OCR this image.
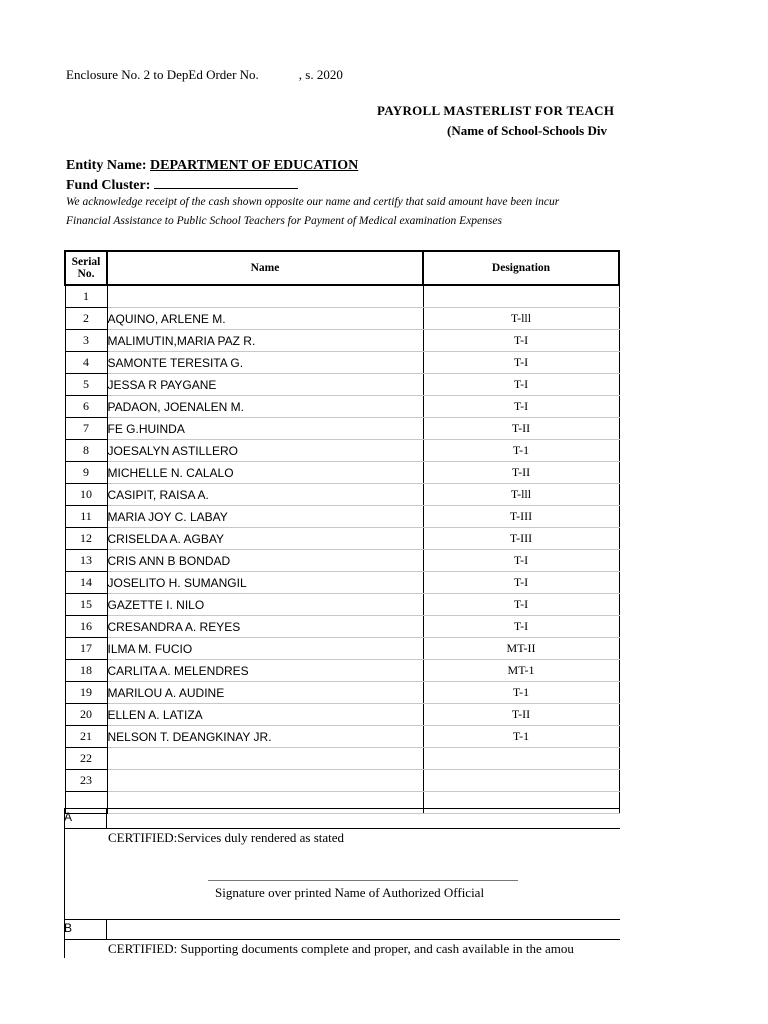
Enclosure No. 2 to DepEd Order No.	, s. 2020
PAYROLL MASTERLIST FOR TEACH
(Name of School-Schools Div
Entity Name: DEPARTMENT OF EDUCATION
Fund Cluster:
We acknowledge receipt of the cash shown opposite our name and certify that said amount have been incur
Financial Assistance to Public School Teachers for Payment of Medical examination Expenses
Serial No.	Name	Designation	
1			
2	AQUINO, ARLENE M.	T-lll	
3	MALIMUTIN,MARIA PAZ R.	T-I	
4	SAMONTE TERESITA G.	T-I	
5	JESSA R PAYGANE	T-I	
6	PADAON, JOENALEN M.	T-I	
7	FE G.HUINDA	T-II	
8	JOESALYN ASTILLERO	T-1	
9	MICHELLE N. CALALO	T-II	
10	CASIPIT, RAISA A.	T-lll	
11	MARIA JOY C. LABAY	T-III	
12	CRISELDA A. AGBAY	T-III	
13	CRIS ANN B BONDAD	T-I	
14	JOSELITO H. SUMANGIL	T-I	
15	GAZETTE I. NILO	T-I	
16	CRESANDRA A. REYES	T-I	
17	ILMA M. FUCIO	MT-II	
18	CARLITA A. MELENDRES	MT-1	
19	MARILOU A. AUDINE	T-1	
20	ELLEN A. LATIZA	T-II	
21	NELSON T. DEANGKINAY JR.	T-1	
22			
23			

A
CERTIFIED:Services duly rendered as stated
Signature over printed Name of Authorized Official
B
CERTIFIED: Supporting documents complete and proper, and cash available in the amou
